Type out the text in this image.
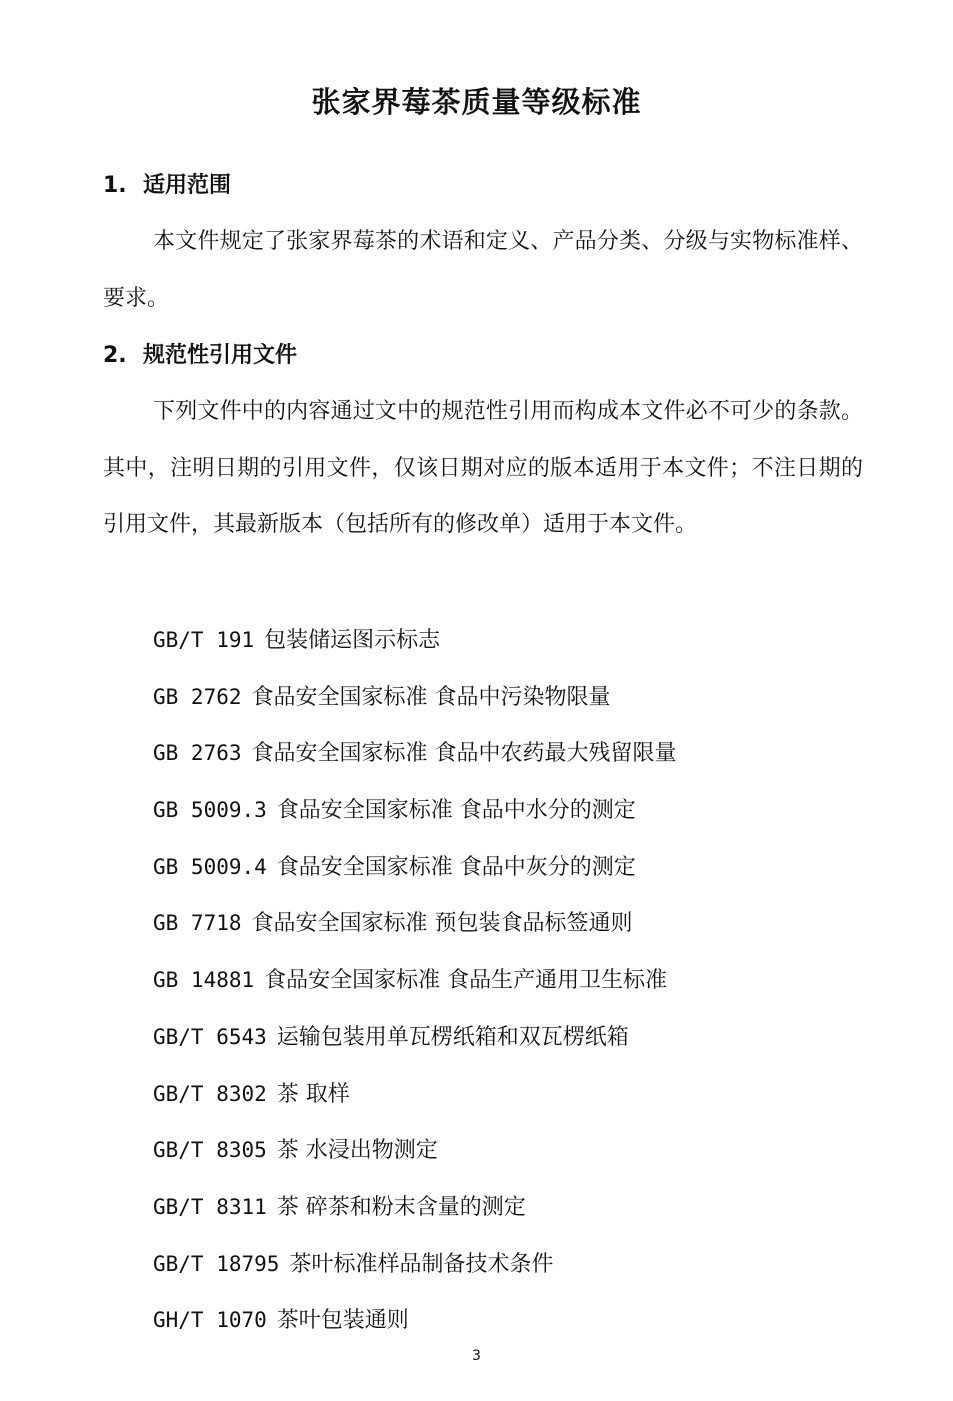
张家界莓茶质量等级标准
1. 适用范围

本文件规定了张家界莓茶的术语和定义、产品分类、分级与实物标准样、要求。

2. 规范性引用文件

下列文件中的内容通过文中的规范性引用而构成本文件必不可少的条款。其中，注明日期的引用文件，仅该日期对应的版本适用于本文件；不注日期的引用文件，其最新版本（包括所有的修改单）适用于本文件。

GB/T 191 包装储运图示标志
GB 2762 食品安全国家标准 食品中污染物限量
GB 2763 食品安全国家标准 食品中农药最大残留限量
GB 5009.3 食品安全国家标准 食品中水分的测定
GB 5009.4 食品安全国家标准 食品中灰分的测定
GB 7718 食品安全国家标准 预包装食品标签通则
GB 14881 食品安全国家标准 食品生产通用卫生标准
GB/T 6543 运输包装用单瓦楞纸箱和双瓦楞纸箱
GB/T 8302 茶 取样
GB/T 8305 茶 水浸出物测定
GB/T 8311 茶 碎茶和粉末含量的测定
GB/T 18795 茶叶标准样品制备技术条件
GH/T 1070 茶叶包装通则
3
